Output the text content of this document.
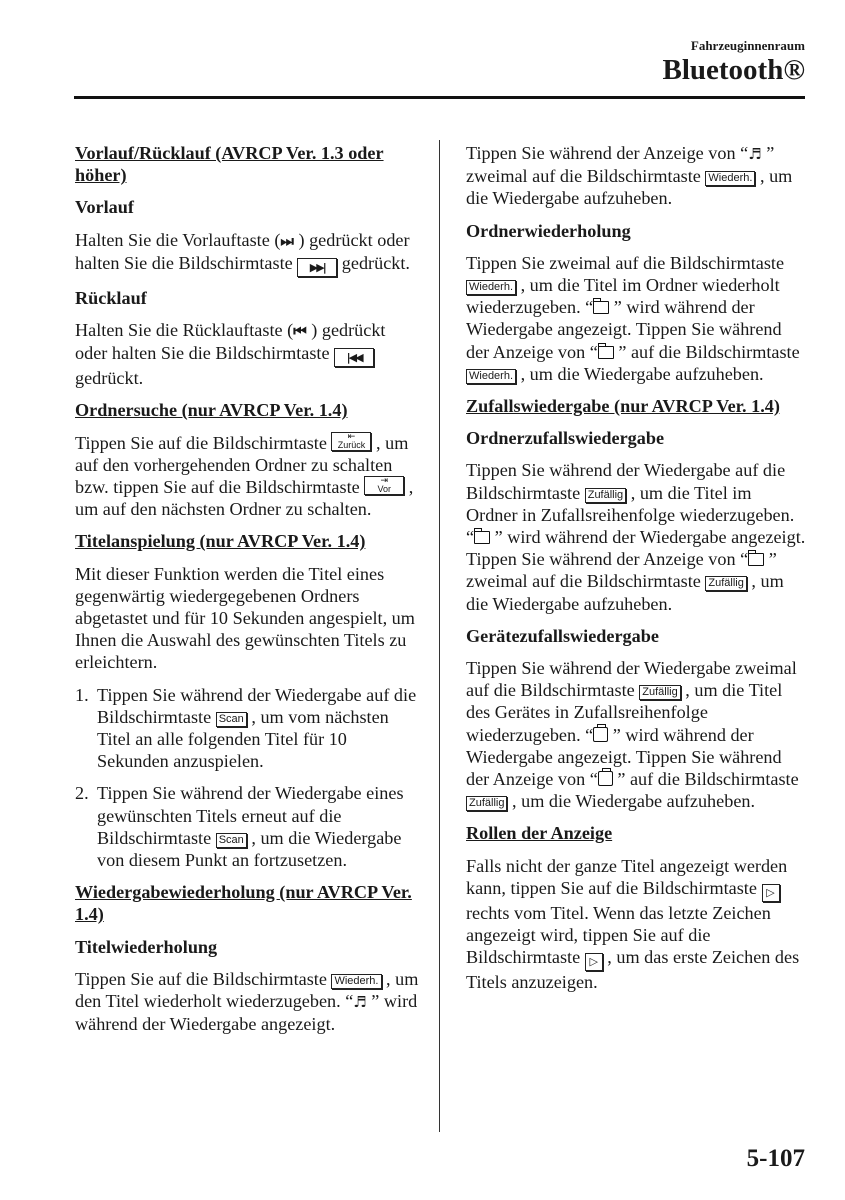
Fahrzeuginnenraum
Bluetooth®
Vorlauf/Rücklauf (AVRCP Ver. 1.3 oder höher)
Vorlauf

Halten Sie die Vorlauftaste (⏭ ) gedrückt oder halten Sie die Bildschirmtaste ▶▶| gedrückt.

Rücklauf

Halten Sie die Rücklauftaste (⏮ ) gedrückt oder halten Sie die Bildschirmtaste |◀◀ gedrückt.

Ordnersuche (nur AVRCP Ver. 1.4)

Tippen Sie auf die Bildschirmtaste	⇤
Zurück , um auf den vorhergehenden Ordner zu schalten bzw. tippen Sie auf die Bildschirmtaste	⇥
Vor , um auf den nächsten Ordner zu schalten.

Titelanspielung (nur AVRCP Ver. 1.4)

Mit dieser Funktion werden die Titel eines gegenwärtig wiedergegebenen Ordners abgetastet und für 10 Sekunden angespielt, um Ihnen die Auswahl des gewünschten Titels zu erleichtern.

1. Tippen Sie während der Wiedergabe auf die Bildschirmtaste Scan , um vom nächsten Titel an alle folgenden Titel für 10 Sekunden anzuspielen.
2. Tippen Sie während der Wiedergabe eines gewünschten Titels erneut auf die Bildschirmtaste Scan , um die Wiedergabe von diesem Punkt an fortzusetzen.
Wiedergabewiederholung (nur AVRCP Ver. 1.4)
Titelwiederholung

Tippen Sie auf die Bildschirmtaste Wiederh. , um den Titel wiederholt wiederzugeben. “♬ ” wird während der Wiedergabe angezeigt.

Tippen Sie während der Anzeige von “♬ ” zweimal auf die Bildschirmtaste Wiederh. , um die Wiedergabe aufzuheben.

Ordnerwiederholung

Tippen Sie zweimal auf die Bildschirmtaste Wiederh. , um die Titel im Ordner wiederholt wiederzugeben. “ ” wird während der Wiedergabe angezeigt. Tippen Sie während der Anzeige von “ ” auf die Bildschirmtaste Wiederh. , um die Wiedergabe aufzuheben.

Zufallswiedergabe (nur AVRCP Ver. 1.4)
Ordnerzufallswiedergabe

Tippen Sie während der Wiedergabe auf die Bildschirmtaste Zufällig , um die Titel im Ordner in Zufallsreihenfolge wiederzugeben. “ ” wird während der Wiedergabe angezeigt. Tippen Sie während der Anzeige von “ ” zweimal auf die Bildschirmtaste Zufällig , um die Wiedergabe aufzuheben.

Gerätezufallswiedergabe

Tippen Sie während der Wiedergabe zweimal auf die Bildschirmtaste Zufällig , um die Titel des Gerätes in Zufallsreihenfolge wiederzugeben. “ ” wird während der Wiedergabe angezeigt. Tippen Sie während der Anzeige von “ ” auf die Bildschirmtaste Zufällig , um die Wiedergabe aufzuheben.

Rollen der Anzeige

Falls nicht der ganze Titel angezeigt werden kann, tippen Sie auf die Bildschirmtaste ▷ rechts vom Titel. Wenn das letzte Zeichen angezeigt wird, tippen Sie auf die Bildschirmtaste ▷ , um das erste Zeichen des Titels anzuzeigen.

5-107
